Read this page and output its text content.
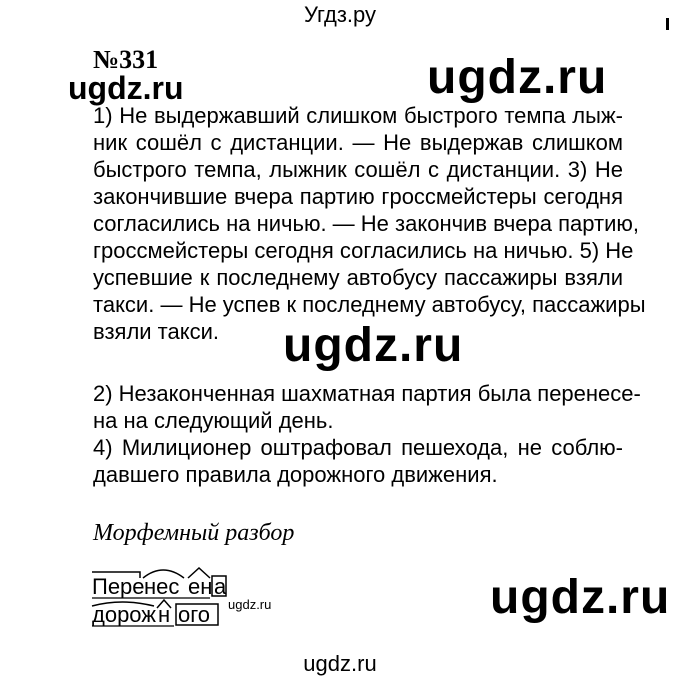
Угдз.ру
№331	ugdz.ru
ugdz.ru
1) Не выдержавший слишком быстрого темпа лыж-
ник сошёл с дистанции. — Не выдержав слишком
быстрого темпа, лыжник сошёл с дистанции. 3) Не
закончившие вчера партию гроссмейстеры сегодня
согласились на ничью. — Не закончив вчера партию,
гроссмейстеры сегодня согласились на ничью. 5) Не
успевшие к последнему автобусу пассажиры взяли
такси. — Не успев к последнему автобусу, пассажиры
взяли такси.	ugdz.ru
2) Незаконченная шахматная партия была перенесе-
на на следующий день.
4) Милиционер оштрафовал пешехода, не соблю-
давшего правила дорожного движения.
Морфемный разбор
Пере нес ен а
дорож н ого ugdz.ru	ugdz.ru
ugdz.ru
